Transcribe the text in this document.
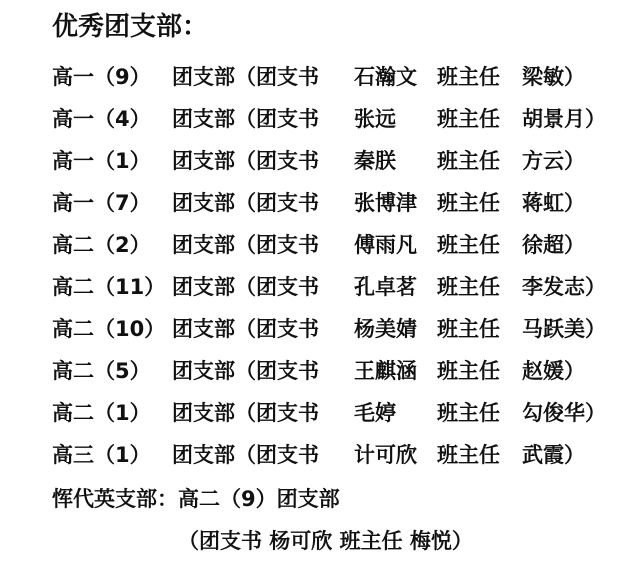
优秀团支部：
高一（9） 团支部（团支书 石瀚文 班主任 梁敏）
高一（4） 团支部（团支书 张远 班主任 胡景月）
高一（1） 团支部（团支书 秦朕 班主任 方云）
高一（7） 团支部（团支书 张博津 班主任 蒋虹）
高二（2） 团支部（团支书 傅雨凡 班主任 徐超）
高二（11） 团支部（团支书 孔卓茗 班主任 李发志）
高二（10） 团支部（团支书 杨美婧 班主任 马跃美）
高二（5） 团支部（团支书 王麒涵 班主任 赵媛）
高二（1） 团支部（团支书 毛婷 班主任 勾俊华）
高三（1） 团支部（团支书 计可欣 班主任 武霞）
恽代英支部：高二（9）团支部
（团支书 杨可欣 班主任 梅悦）
